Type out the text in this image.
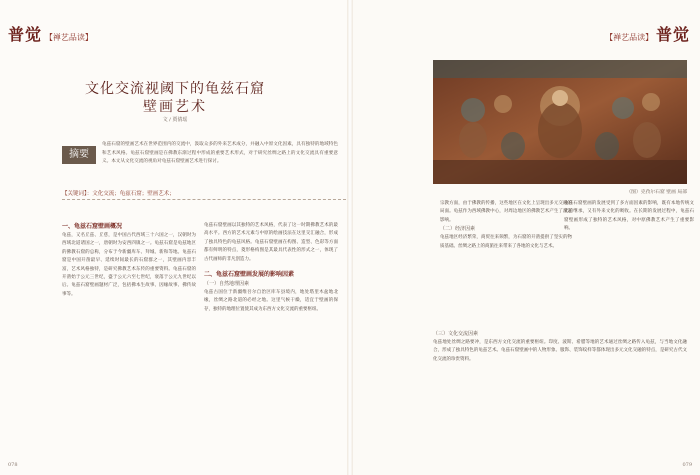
普觉 【禅艺品读】
文化交流视阈下的龟兹石窟
壁画艺术
文 / 贾倩瑶
摘要
龟兹石窟的壁画艺术在世界范围内的交流中，汲取众多的外来艺术成分，并融入中原文化因素，具有独特的地域特色和艺术风格。龟兹石窟壁画是在佛教东渐过程中形成的重要艺术形式，对于研究丝绸之路上的文化交流具有重要意义。本文从文化交流的视角对龟兹石窟壁画艺术进行探讨。
【关键词】：文化交流；龟兹石窟；壁画艺术；
一、龟兹石窟壁画概况
龟兹，又名丘兹、丘慈，是中国古代西域三十六国之一，汉朝时为西域北道诸国之一，唐朝时为安西四镇之一。龟兹石窟是龟兹地区的佛教石窟的总称，分布于今新疆库车、拜城、新和等地。龟兹石窟是中国开凿最早、延续时间最长的石窟群之一，其壁画内容丰富，艺术风格独特，是研究佛教艺术东传的重要资料。龟兹石窟的开凿始于公元三世纪，盛于公元六至七世纪，衰落于公元九世纪以后。龟兹石窟壁画题材广泛，包括佛本生故事、因缘故事、佛传故事等。
龟兹石窟壁画以其独特的艺术风格，代表了这一时期佛教艺术的最高水平。西方的艺术元素与中原的绘画技法在这里交汇融合，形成了独具特色的龟兹风格。龟兹石窟壁画在构图、造型、色彩等方面都有鲜明的特点，菱形格构图是其最具代表性的形式之一，体现了古代画师的非凡创造力。
二、龟兹石窟壁画发展的影响因素
（一）自然地理因素
龟兹古国位于新疆维吾尔自治区库车县境内，地处塔里木盆地北缘，丝绸之路北道的必经之地。这里气候干燥，适宜于壁画的保存，独特的地理位置使其成为东西方文化交流的重要枢纽。
078	079
【禅艺品读】 普觉
（图）克孜尔石窟 壁画 局部
宗教方面，由于佛教的传播，这些地区在文化上呈现出多元交融的局面。龟兹作为西域佛教中心，对周边地区的佛教艺术产生了深远影响。
（二）经济因素
龟兹地区经济繁荣，商贸往来频繁，为石窟的开凿提供了坚实的物质基础。丝绸之路上的商旅往来带来了各地的文化与艺术。
龟兹石窟壁画的发展受到了多方面因素的影响，既有本地传统文化的继承，又有外来文化的吸收。在长期的发展过程中，龟兹石窟壁画形成了独特的艺术风格，对中原佛教艺术产生了重要影响。
（三）文化交流因素
龟兹地处丝绸之路要冲，是东西方文化交流的重要枢纽。印度、波斯、希腊等地的艺术通过丝绸之路传入龟兹，与当地文化融合，形成了独具特色的龟兹艺术。龟兹石窟壁画中的人物形象、服饰、装饰纹样等都体现出多元文化交融的特点，是研究古代文化交流的珍贵资料。
